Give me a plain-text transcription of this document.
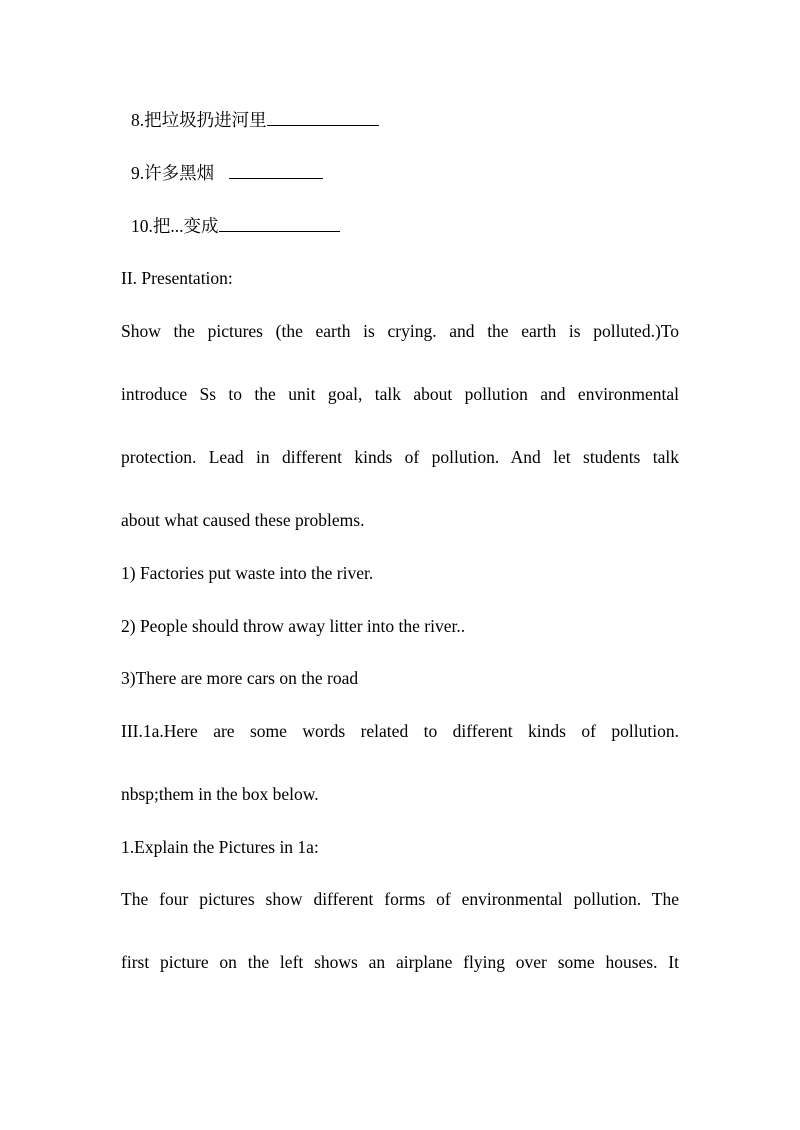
8.把垃圾扔进河里
9.许多黑烟
10.把...变成
II. Presentation:
Show the pictures (the earth is crying. and the earth is polluted.)To
introduce Ss to the unit goal, talk about pollution and environmental
protection. Lead in different kinds of pollution. And let students talk
about what caused these problems.
1) Factories put waste into the river.
2) People should throw away litter into the river..
3)There are more cars on the road
III.1a.Here are some words related to different kinds of pollution.
nbsp;them in the box below.
1.Explain the Pictures in 1a:
The four pictures show different forms of environmental pollution. The
first picture on the left shows an airplane flying over some houses. It
